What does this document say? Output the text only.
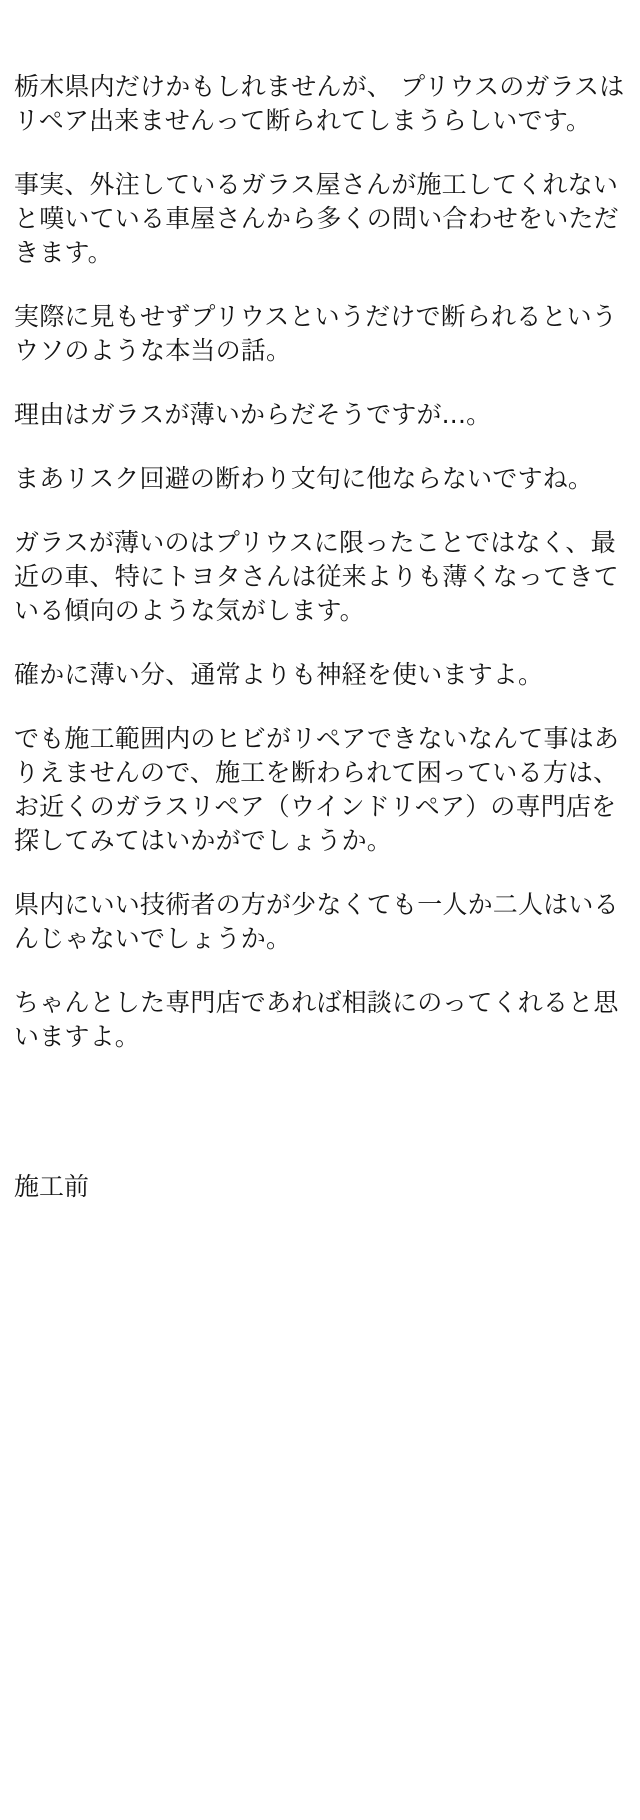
栃木県内だけかもしれませんが、 プリウスのガラスはリペア出来ませんって断られてしまうらしいです。

事実、外注しているガラス屋さんが施工してくれないと嘆いている車屋さんから多くの問い合わせをいただきます。

実際に見もせずプリウスというだけで断られるというウソのような本当の話。

理由はガラスが薄いからだそうですが...。

まあリスク回避の断わり文句に他ならないですね。

ガラスが薄いのはプリウスに限ったことではなく、最近の車、特にトヨタさんは従来よりも薄くなってきている傾向のような気がします。

確かに薄い分、通常よりも神経を使いますよ。

でも施工範囲内のヒビがリペアできないなんて事はありえませんので、施工を断わられて困っている方は、 お近くのガラスリペア（ウインドリペア）の専門店を探してみてはいかがでしょうか。

県内にいい技術者の方が少なくても一人か二人はいるんじゃないでしょうか。

ちゃんとした専門店であれば相談にのってくれると思いますよ。

施工前
